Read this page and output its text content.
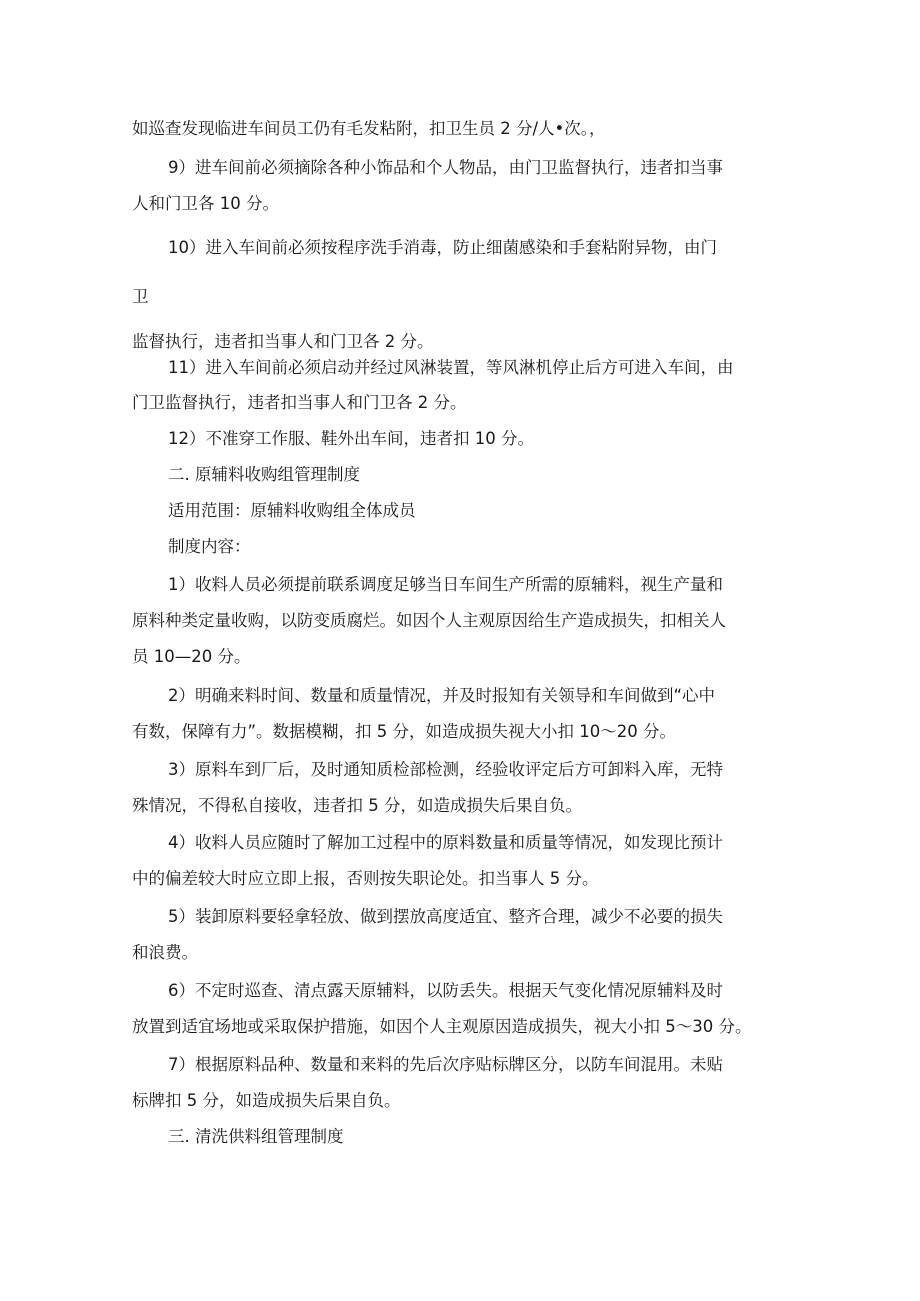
如巡查发现临进车间员工仍有毛发粘附，扣卫生员 2 分/人•次。，
9）进车间前必须摘除各种小饰品和个人物品，由门卫监督执行，违者扣当事
人和门卫各 10 分。
10）进入车间前必须按程序洗手消毒，防止细菌感染和手套粘附异物，由门
卫
监督执行，违者扣当事人和门卫各 2 分。
11）进入车间前必须启动并经过风淋装置，等风淋机停止后方可进入车间，由
门卫监督执行，违者扣当事人和门卫各 2 分。
12）不准穿工作服、鞋外出车间，违者扣 10 分。
二. 原辅料收购组管理制度
适用范围：原辅料收购组全体成员
制度内容：
1）收料人员必须提前联系调度足够当日车间生产所需的原辅料，视生产量和
原料种类定量收购，以防变质腐烂。如因个人主观原因给生产造成损失，扣相关人
员 10—20 分。
2）明确来料时间、数量和质量情况，并及时报知有关领导和车间做到“心中
有数，保障有力”。数据模糊，扣 5 分，如造成损失视大小扣 10～20 分。
3）原料车到厂后，及时通知质检部检测，经验收评定后方可卸料入库，无特
殊情况，不得私自接收，违者扣 5 分，如造成损失后果自负。
4）收料人员应随时了解加工过程中的原料数量和质量等情况，如发现比预计
中的偏差较大时应立即上报，否则按失职论处。扣当事人 5 分。
5）装卸原料要轻拿轻放、做到摆放高度适宜、整齐合理，减少不必要的损失
和浪费。
6）不定时巡查、清点露天原辅料，以防丢失。根据天气变化情况原辅料及时
放置到适宜场地或采取保护措施，如因个人主观原因造成损失，视大小扣 5～30 分。
7）根据原料品种、数量和来料的先后次序贴标牌区分，以防车间混用。未贴
标牌扣 5 分，如造成损失后果自负。
三. 清洗供料组管理制度
